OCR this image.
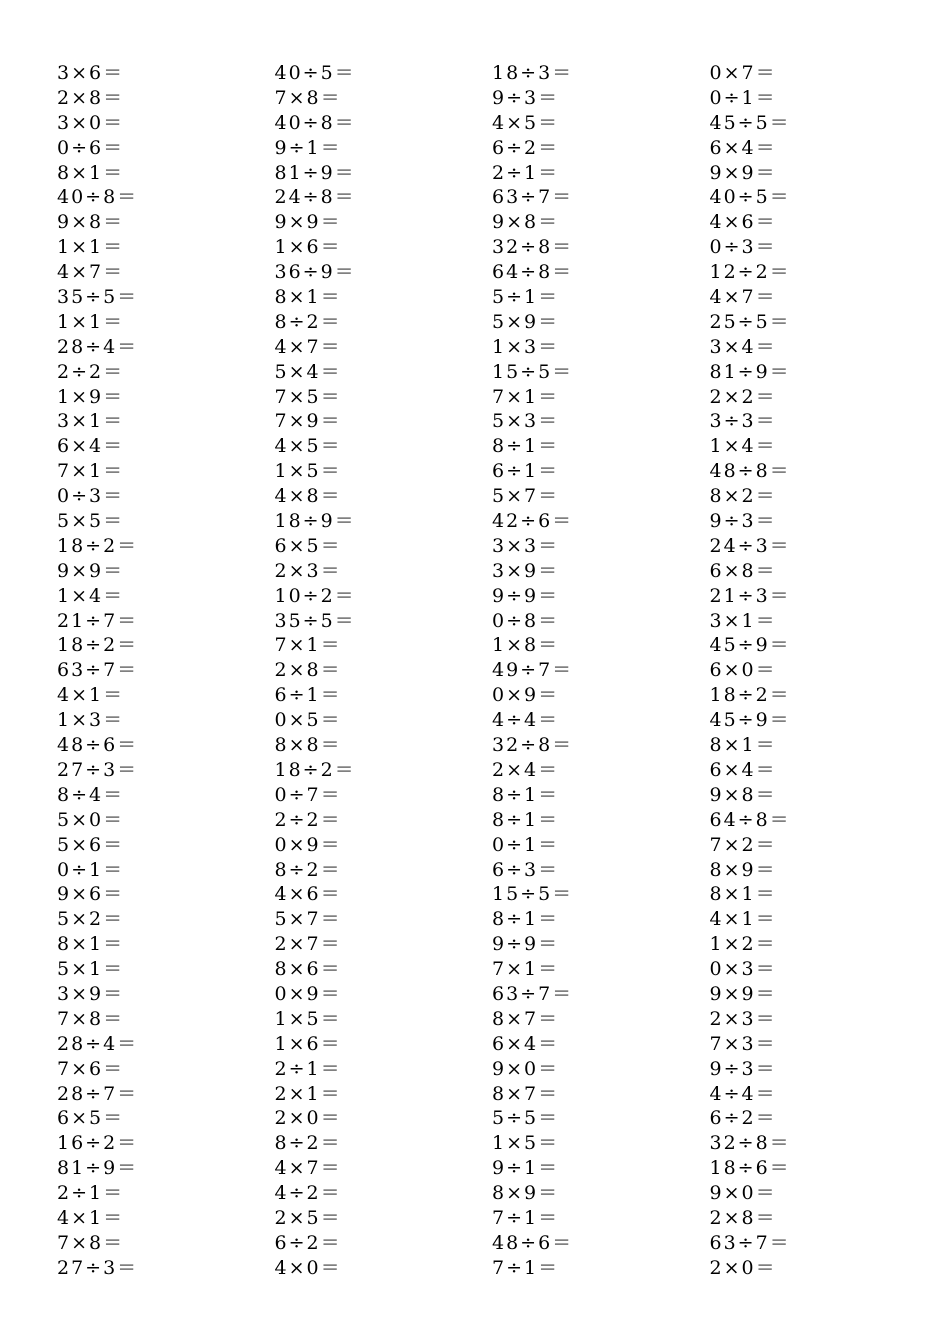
3×6＝
2×8＝
3×0＝
0÷6＝
8×1＝
40÷8＝
9×8＝
1×1＝
4×7＝
35÷5＝
1×1＝
28÷4＝
2÷2＝
1×9＝
3×1＝
6×4＝
7×1＝
0÷3＝
5×5＝
18÷2＝
9×9＝
1×4＝
21÷7＝
18÷2＝
63÷7＝
4×1＝
1×3＝
48÷6＝
27÷3＝
8÷4＝
5×0＝
5×6＝
0÷1＝
9×6＝
5×2＝
8×1＝
5×1＝
3×9＝
7×8＝
28÷4＝
7×6＝
28÷7＝
6×5＝
16÷2＝
81÷9＝
2÷1＝
4×1＝
7×8＝
27÷3＝
40÷5＝
7×8＝
40÷8＝
9÷1＝
81÷9＝
24÷8＝
9×9＝
1×6＝
36÷9＝
8×1＝
8÷2＝
4×7＝
5×4＝
7×5＝
7×9＝
4×5＝
1×5＝
4×8＝
18÷9＝
6×5＝
2×3＝
10÷2＝
35÷5＝
7×1＝
2×8＝
6÷1＝
0×5＝
8×8＝
18÷2＝
0÷7＝
2÷2＝
0×9＝
8÷2＝
4×6＝
5×7＝
2×7＝
8×6＝
0×9＝
1×5＝
1×6＝
2÷1＝
2×1＝
2×0＝
8÷2＝
4×7＝
4÷2＝
2×5＝
6÷2＝
4×0＝
18÷3＝
9÷3＝
4×5＝
6÷2＝
2÷1＝
63÷7＝
9×8＝
32÷8＝
64÷8＝
5÷1＝
5×9＝
1×3＝
15÷5＝
7×1＝
5×3＝
8÷1＝
6÷1＝
5×7＝
42÷6＝
3×3＝
3×9＝
9÷9＝
0÷8＝
1×8＝
49÷7＝
0×9＝
4÷4＝
32÷8＝
2×4＝
8÷1＝
8÷1＝
0÷1＝
6÷3＝
15÷5＝
8÷1＝
9÷9＝
7×1＝
63÷7＝
8×7＝
6×4＝
9×0＝
8×7＝
5÷5＝
1×5＝
9÷1＝
8×9＝
7÷1＝
48÷6＝
7÷1＝
0×7＝
0÷1＝
45÷5＝
6×4＝
9×9＝
40÷5＝
4×6＝
0÷3＝
12÷2＝
4×7＝
25÷5＝
3×4＝
81÷9＝
2×2＝
3÷3＝
1×4＝
48÷8＝
8×2＝
9÷3＝
24÷3＝
6×8＝
21÷3＝
3×1＝
45÷9＝
6×0＝
18÷2＝
45÷9＝
8×1＝
6×4＝
9×8＝
64÷8＝
7×2＝
8×9＝
8×1＝
4×1＝
1×2＝
0×3＝
9×9＝
2×3＝
7×3＝
9÷3＝
4÷4＝
6÷2＝
32÷8＝
18÷6＝
9×0＝
2×8＝
63÷7＝
2×0＝
